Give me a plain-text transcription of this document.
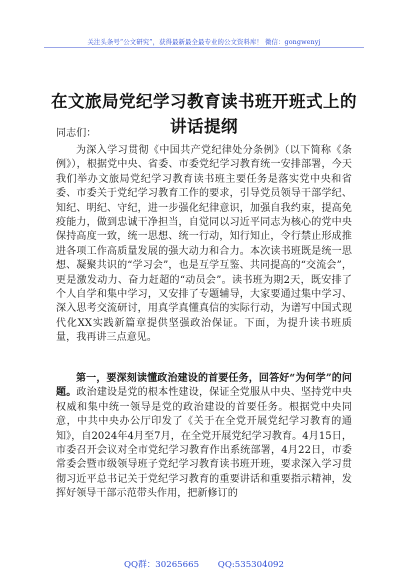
关注头条号“公文研究”，获得最新最全最专业的公文资料库！ 微信：gongwenyj
在文旅局党纪学习教育读书班开班式上的
讲话提纲
同志们：
为深入学习贯彻《中国共产党纪律处分条例》（以下简称《条例》），根据党中央、省委、市委党纪学习教育统一安排部署，今天我们举办文旅局党纪学习教育读书班主要任务是落实党中央和省委、市委关于党纪学习教育工作的要求，引导党员领导干部学纪、知纪、明纪、守纪，进一步强化纪律意识，加强自我约束，提高免疫能力，做到忠诚干净担当，自觉同以习近平同志为核心的党中央保持高度一致，统一思想、统一行动，知行知止，令行禁止形成推进各项工作高质量发展的强大动力和合力。本次读书班既是统一思想、凝聚共识的“学习会”，也是互学互鉴、共同提高的“交流会”，更是激发动力、奋力赶超的“动员会”。读书班为期2天，既安排了个人自学和集中学习，又安排了专题辅导，大家要通过集中学习、深入思考交流研讨，用真学真懂真信的实际行动，为谱写中国式现代化XX实践新篇章提供坚强政治保证。下面，为提升读书班质量，我再讲三点意见。
第一，要深刻读懂政治建设的首要任务，回答好“为何学”的问题。政治建设是党的根本性建设，保证全党服从中央、坚持党中央权威和集中统一领导是党的政治建设的首要任务。根据党中央同意，中共中央办公厅印发了《关于在全党开展党纪学习教育的通知》，自2024年4月至7月，在全党开展党纪学习教育。4月15日，市委召开会议对全市党纪学习教育作出系统部署，4月22日，市委常委会暨市级领导班子党纪学习教育读书班开班，要求深入学习贯彻习近平总书记关于党纪学习教育的重要讲话和重要指示精神，发挥好领导干部示范带头作用，把新修订的
QQ群：30265665 QQ:535304092
